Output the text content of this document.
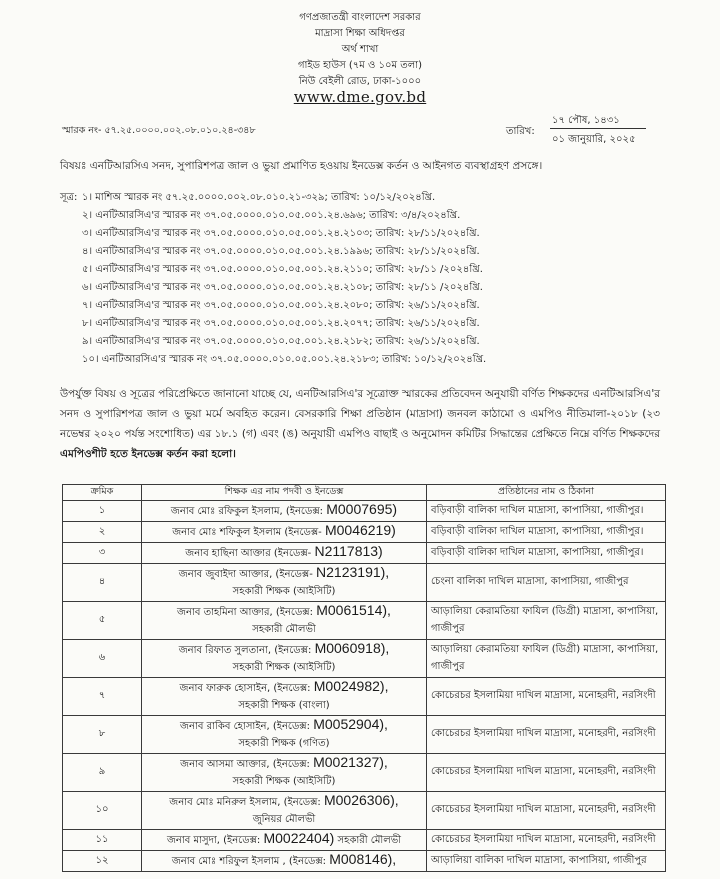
গণপ্রজাতন্ত্রী বাংলাদেশ সরকার
মাদ্রাসা শিক্ষা অধিদপ্তর
অর্থ শাখা
গাইড হাউস (৭ম ও ১০ম তলা)
নিউ বেইলী রোড, ঢাকা-১০০০
www.dme.gov.bd
স্মারক নং- ৫৭.২৫.০০০০.০০২.০৮.০১০.২৪-৩৪৮	তারিখ:
১৭ পৌষ, ১৪৩১
০১ জানুয়ারি, ২০২৫
বিষয়ঃ এনটিআরসিএ সনদ, সুপারিশপত্র জাল ও ভুয়া প্রমাণিত হওয়ায় ইনডেক্স কর্তন ও আইনগত ব্যবস্থাগ্রহণ প্রসঙ্গে।
সূত্র: ১। মাশিঅ স্মারক নং ৫৭.২৫.০০০০.০০২.০৮.০১০.২১-৩২৯; তারিখ: ১০/১২/২০২৪খ্রি.
২। এনটিআরসিএ'র স্মারক নং ৩৭.০৫.০০০০.০১০.০৫.০০১.২৪.৬৯৬; তারিখ: ৩/৪/২০২৪খ্রি.
৩। এনটিআরসিএ'র স্মারক নং ৩৭.০৫.০০০০.০১০.০৫.০০১.২৪.২১০৩; তারিখ: ২৮/১১/২০২৪খ্রি.
৪। এনটিআরসিএ'র স্মারক নং ৩৭.০৫.০০০০.০১০.০৫.০০১.২৪.১৯৯৬; তারিখ: ২৮/১১/২০২৪খ্রি.
৫। এনটিআরসিএ'র স্মারক নং ৩৭.০৫.০০০০.০১০.০৫.০০১.২৪.২১১০; তারিখ: ২৮/১১ /২০২৪খ্রি.
৬। এনটিআরসিএ'র স্মারক নং ৩৭.০৫.০০০০.০১০.০৫.০০১.২৪.২১০৮; তারিখ: ২৮/১১ /২০২৪খ্রি.
৭। এনটিআরসিএ'র স্মারক নং ৩৭.০৫.০০০০.০১০.০৫.০০১.২৪.২০৮০; তারিখ: ২৬/১১/২০২৪খ্রি.
৮। এনটিআরসিএ'র স্মারক নং ৩৭.০৫.০০০০.০১০.০৫.০০১.২৪.২০৭৭; তারিখ: ২৬/১১/২০২৪খ্রি.
৯। এনটিআরসিএ'র স্মারক নং ৩৭.০৫.০০০০.০১০.০৫.০০১.২৪.২১৮২; তারিখ: ২৬/১১/২০২৪খ্রি.
১০। এনটিআরসিএ'র স্মারক নং ৩৭.০৫.০০০০.০১০.০৫.০০১.২৪.২১৮৩; তারিখ: ১০/১২/২০২৪খ্রি.
উপর্যুক্ত বিষয় ও সূত্রের পরিপ্রেক্ষিতে জানানো যাচ্ছে যে, এনটিআরসিএ'র সূত্রোক্ত স্মারকের প্রতিবেদন অনুযায়ী বর্ণিত শিক্ষকদের এনটিআরসিএ'র সনদ ও সুপারিশপত্র জাল ও ভুয়া মর্মে অবহিত করেন। বেসরকারি শিক্ষা প্রতিষ্ঠান (মাদ্রাসা) জনবল কাঠামো ও এমপিও নীতিমালা-২০১৮ (২৩ নভেম্বর ২০২০ পর্যন্ত সংশোধিত) এর ১৮.১ (গ) এবং (ঙ) অনুযায়ী এমপিও বাছাই ও অনুমোদন কমিটির সিদ্ধান্তের প্রেক্ষিতে নিম্নে বর্ণিত শিক্ষকদের এমপিওশীট হতে ইনডেক্স কর্তন করা হলো।
ক্রমিক	শিক্ষক এর নাম পদবী ও ইনডেক্স	প্রতিষ্ঠানের নাম ও ঠিকানা
১	জনাব মোঃ রফিকুল ইসলাম, (ইনডেক্স: M0007695)	বড়িবাড়ী বালিকা দাখিল মাদ্রাসা, কাপাসিয়া, গাজীপুর।
২	জনাব মোঃ শফিকুল ইসলাম (ইনডেক্স- M0046219)	বড়িবাড়ী বালিকা দাখিল মাদ্রাসা, কাপাসিয়া, গাজীপুর।
৩	জনাব হাছিনা আক্তার (ইনডেক্স- N2117813)	বড়িবাড়ী বালিকা দাখিল মাদ্রাসা, কাপাসিয়া, গাজীপুর।
৪	জনাব জুবাইদা আক্তার, (ইনডেক্স- N2123191),
সহকারী শিক্ষক (আইসিটি)	চেংনা বালিকা দাখিল মাদ্রাসা, কাপাসিয়া, গাজীপুর
৫	জনাব তাহমিনা আক্তার, (ইনডেক্স: M0061514),
সহকারী মৌলভী	আড়ালিয়া কেরামতিয়া ফাযিল (ডিগ্রী) মাদ্রাসা, কাপাসিয়া, গাজীপুর
৬	জনাব রিফাত সুলতানা, (ইনডেক্স: M0060918),
সহকারী শিক্ষক (আইসিটি)	আড়ালিয়া কেরামতিয়া ফাযিল (ডিগ্রী) মাদ্রাসা, কাপাসিয়া, গাজীপুর
৭	জনাব ফারুক হোসাইন, (ইনডেক্স: M0024982),
সহকারী শিক্ষক (বাংলা)	কোচেরচর ইসলামিয়া দাখিল মাদ্রাসা, মনোহরদী, নরসিংদী
৮	জনাব রাকিব হোসাইন, (ইনডেক্স: M0052904),
সহকারী শিক্ষক (গণিত)	কোচেরচর ইসলামিয়া দাখিল মাদ্রাসা, মনোহরদী, নরসিংদী
৯	জনাব আসমা আক্তার, (ইনডেক্স: M0021327),
সহকারী শিক্ষক (আইসিটি)	কোচেরচর ইসলামিয়া দাখিল মাদ্রাসা, মনোহরদী, নরসিংদী
১০	জনাব মোঃ মনিরুল ইসলাম, (ইনডেক্স: M0026306),
জুনিয়র মৌলভী	কোচেরচর ইসলামিয়া দাখিল মাদ্রাসা, মনোহরদী, নরসিংদী
১১	জনাব মাসুদা, (ইনডেক্স: M0022404) সহকারী মৌলভী	কোচেরচর ইসলামিয়া দাখিল মাদ্রাসা, মনোহরদী, নরসিংদী
১২	জনাব মোঃ শরিফুল ইসলাম , (ইনডেক্স: M008146),	আড়ালিয়া বালিকা দাখিল মাদ্রাসা, কাপাসিয়া, গাজীপুর
